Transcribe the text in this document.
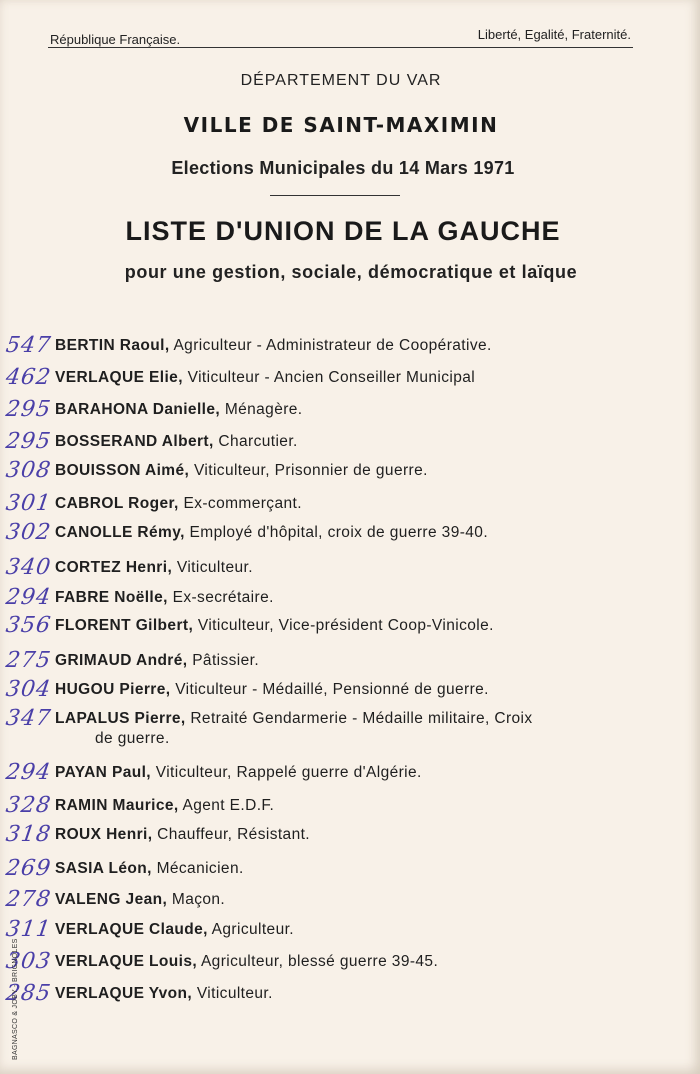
République Française.	Liberté, Egalité, Fraternité.
DÉPARTEMENT DU VAR
VILLE DE SAINT-MAXIMIN
Elections Municipales du 14 Mars 1971
LISTE D'UNION DE LA GAUCHE
pour une gestion, sociale, démocratique et laïque
547 BERTIN Raoul, Agriculteur - Administrateur de Coopérative.
462 VERLAQUE Elie, Viticulteur - Ancien Conseiller Municipal
295 BARAHONA Danielle, Ménagère.
295 BOSSERAND Albert, Charcutier.
308 BOUISSON Aimé, Viticulteur, Prisonnier de guerre.
301 CABROL Roger, Ex-commerçant.
302 CANOLLE Rémy, Employé d'hôpital, croix de guerre 39-40.
340 CORTEZ Henri, Viticulteur.
294 FABRE Noëlle, Ex-secrétaire.
356 FLORENT Gilbert, Viticulteur, Vice-président Coop-Vinicole.
275 GRIMAUD André, Pâtissier.
304 HUGOU Pierre, Viticulteur - Médaillé, Pensionné de guerre.
347 LAPALUS Pierre, Retraité Gendarmerie - Médaille militaire, Croix
de guerre.
294 PAYAN Paul, Viticulteur, Rappelé guerre d'Algérie.
328 RAMIN Maurice, Agent E.D.F.
318 ROUX Henri, Chauffeur, Résistant.
269 SASIA Léon, Mécanicien.
278 VALENG Jean, Maçon.
311 VERLAQUE Claude, Agriculteur.
303 VERLAQUE Louis, Agriculteur, blessé guerre 39-45.
285 VERLAQUE Yvon, Viticulteur.
BAGNASCO & JOBY - BRIGNOLES
